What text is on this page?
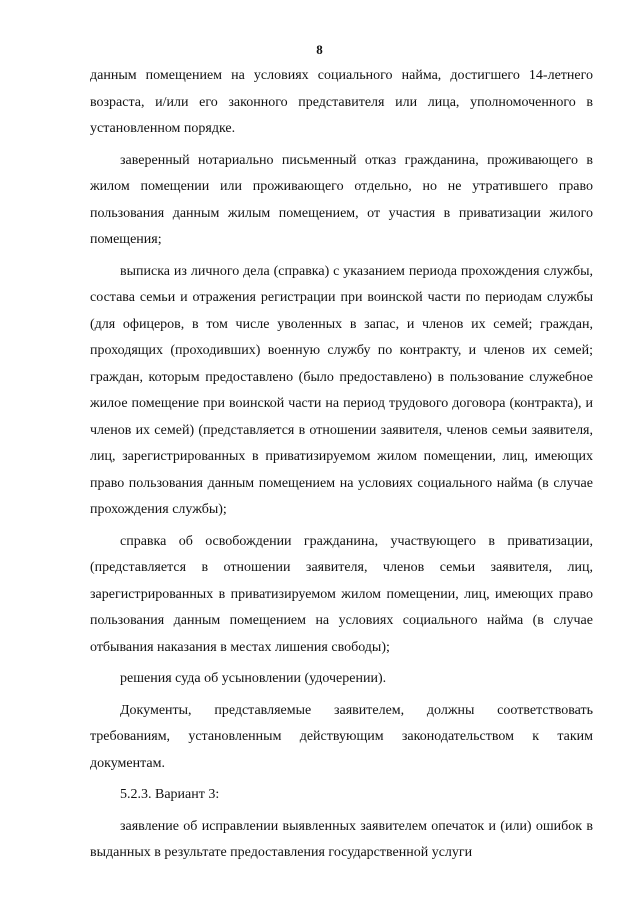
8

данным помещением на условиях социального найма, достигшего 14-летнего возраста, и/или его законного представителя или лица, уполномоченного в установленном порядке.

заверенный нотариально письменный отказ гражданина, проживающего в жилом помещении или проживающего отдельно, но не утратившего право пользования данным жилым помещением, от участия в приватизации жилого помещения;

выписка из личного дела (справка) с указанием периода прохождения службы, состава семьи и отражения регистрации при воинской части по периодам службы (для офицеров, в том числе уволенных в запас, и членов их семей; граждан, проходящих (проходивших) военную службу по контракту, и членов их семей; граждан, которым предоставлено (было предоставлено) в пользование служебное жилое помещение при воинской части на период трудового договора (контракта), и членов их семей) (представляется в отношении заявителя, членов семьи заявителя, лиц, зарегистрированных в приватизируемом жилом помещении, лиц, имеющих право пользования данным помещением на условиях социального найма (в случае прохождения службы);

справка об освобождении гражданина, участвующего в приватизации, (представляется в отношении заявителя, членов семьи заявителя, лиц, зарегистрированных в приватизируемом жилом помещении, лиц, имеющих право пользования данным помещением на условиях социального найма (в случае отбывания наказания в местах лишения свободы);

решения суда об усыновлении (удочерении).

Документы, представляемые заявителем, должны соответствовать требованиям, установленным действующим законодательством к таким документам.

5.2.3. Вариант 3:

заявление об исправлении выявленных заявителем опечаток и (или) ошибок в выданных в результате предоставления государственной услуги
